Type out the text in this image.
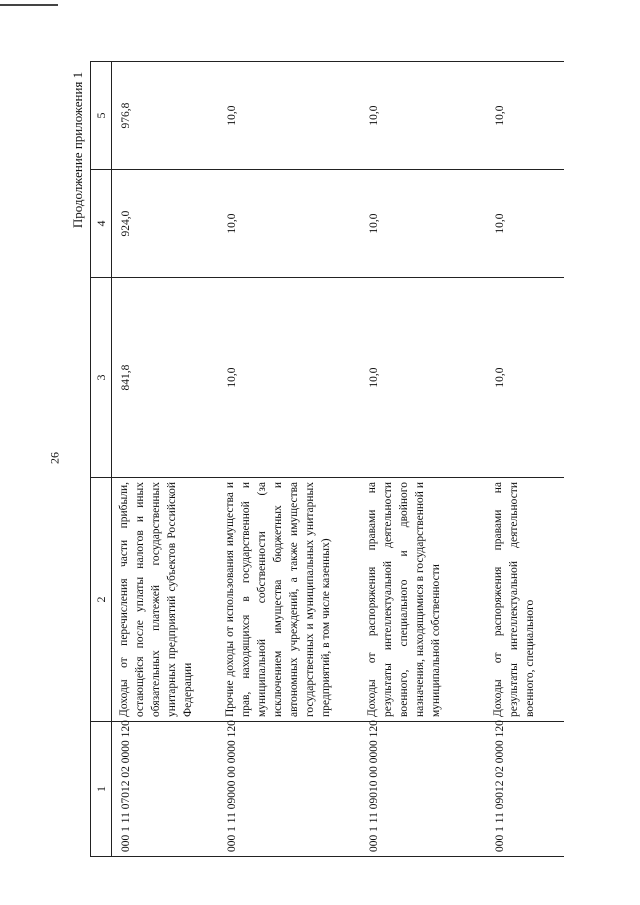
26
Продолжение приложения 1
1	2	3	4	5
000 1 11 07012 02 0000 120	Доходы от перечисления части прибыли, остающейся после уплаты налогов и иных обязательных платежей государственных унитарных предприятий субъектов Российской Федерации	841,8	924,0	976,8
000 1 11 09000 00 0000 120	Прочие доходы от использования имущества и прав, находящихся в государственной и муниципальной собственности (за исключением имущества бюджетных и автономных учреждений, а также имущества государственных и муниципальных унитарных предприятий, в том числе казенных)	10,0	10,0	10,0
000 1 11 09010 00 0000 120	Доходы от распоряжения правами на результаты интеллектуальной деятельности военного, специального и двойного назначения, находящимися в государственной и муниципальной собственности	10,0	10,0	10,0
000 1 11 09012 02 0000 120	Доходы от распоряжения правами на результаты интеллектуальной деятельности военного, специального	10,0	10,0	10,0
